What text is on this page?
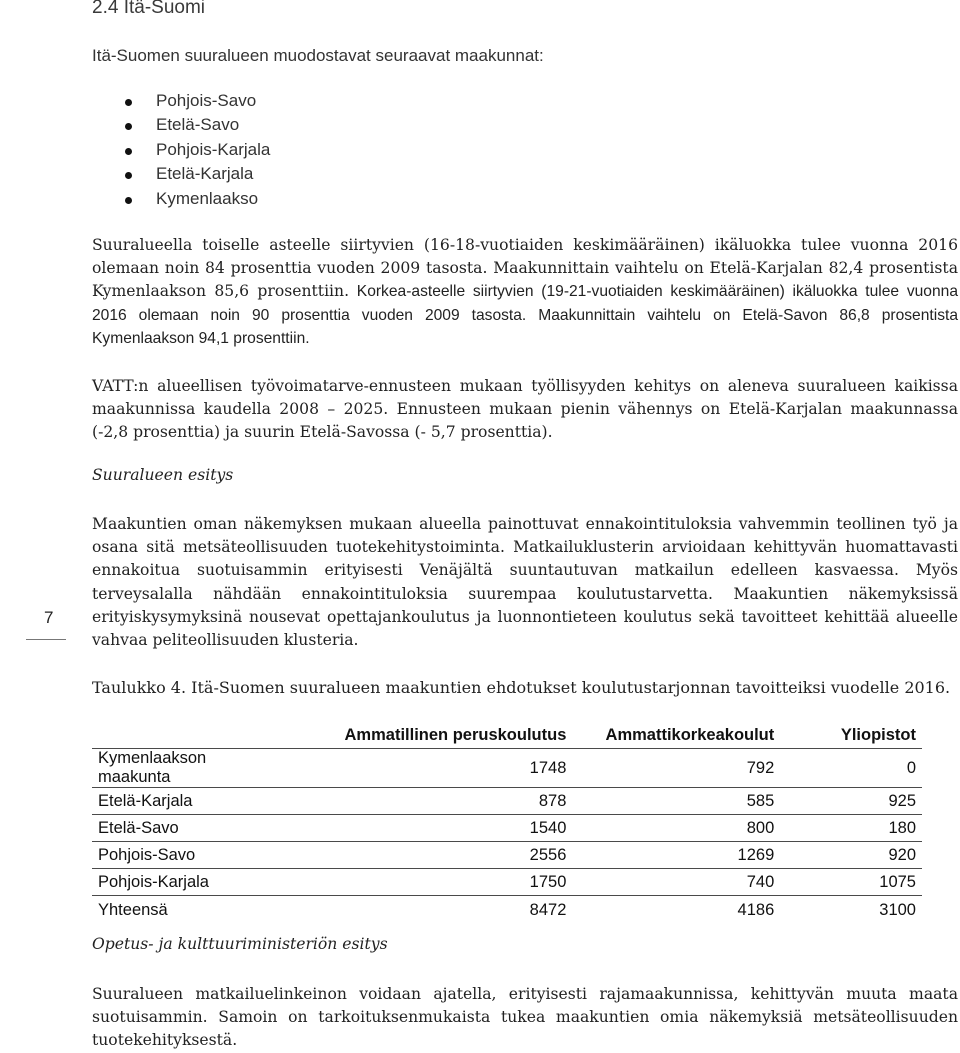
2.4 Itä-Suomi

Itä-Suomen suuralueen muodostavat seuraavat maakunnat:

Pohjois-Savo
Etelä-Savo
Pohjois-Karjala
Etelä-Karjala
Kymenlaakso

Suuralueella toiselle asteelle siirtyvien (16-18-vuotiaiden keskimääräinen) ikäluokka tulee vuonna 2016 olemaan noin 84 prosenttia vuoden 2009 tasosta. Maakunnittain vaihtelu on Etelä-Karjalan 82,4 prosentista Kymenlaakson 85,6 prosenttiin. Korkea-asteelle siirtyvien (19-21-vuotiaiden keskimääräinen) ikäluokka tulee vuonna 2016 olemaan noin 90 prosenttia vuoden 2009 tasosta. Maakunnittain vaihtelu on Etelä-Savon 86,8 prosentista Kymenlaakson 94,1 prosenttiin.

VATT:n alueellisen työvoimatarve-ennusteen mukaan työllisyyden kehitys on aleneva suuralueen kaikissa maakunnissa kaudella 2008 – 2025. Ennusteen mukaan pienin vähennys on Etelä-Karjalan maakunnassa (-2,8 prosenttia) ja suurin Etelä-Savossa (- 5,7 prosenttia).

Suuralueen esitys

Maakuntien oman näkemyksen mukaan alueella painottuvat ennakointituloksia vahvemmin teollinen työ ja osana sitä metsäteollisuuden tuotekehitystoiminta. Matkailuklusterin arvioidaan kehittyvän huomattavasti ennakoitua suotuisammin erityisesti Venäjältä suuntautuvan matkailun edelleen kasvaessa. Myös terveysalalla nähdään ennakointituloksia suurempaa koulutustarvetta. Maakuntien näkemyksissä erityiskysymyksinä nousevat opettajankoulutus ja luonnontieteen koulutus sekä tavoitteet kehittää alueelle vahvaa peliteollisuuden klusteria.

7

Taulukko 4. Itä-Suomen suuralueen maakuntien ehdotukset koulutustarjonnan tavoitteiksi vuodelle 2016.

	Ammatillinen peruskoulutus	Ammattikorkeakoulut	Yliopistot
Kymenlaakson maakunta	1748	792	0
Etelä-Karjala	878	585	925
Etelä-Savo	1540	800	180
Pohjois-Savo	2556	1269	920
Pohjois-Karjala	1750	740	1075
Yhteensä	8472	4186	3100
Opetus- ja kulttuuriministeriön esitys

Suuralueen matkailuelinkeinon voidaan ajatella, erityisesti rajamaakunnissa, kehittyvän muuta maata suotuisammin. Samoin on tarkoituksenmukaista tukea maakuntien omia näkemyksiä metsäteollisuuden tuotekehityksestä.
